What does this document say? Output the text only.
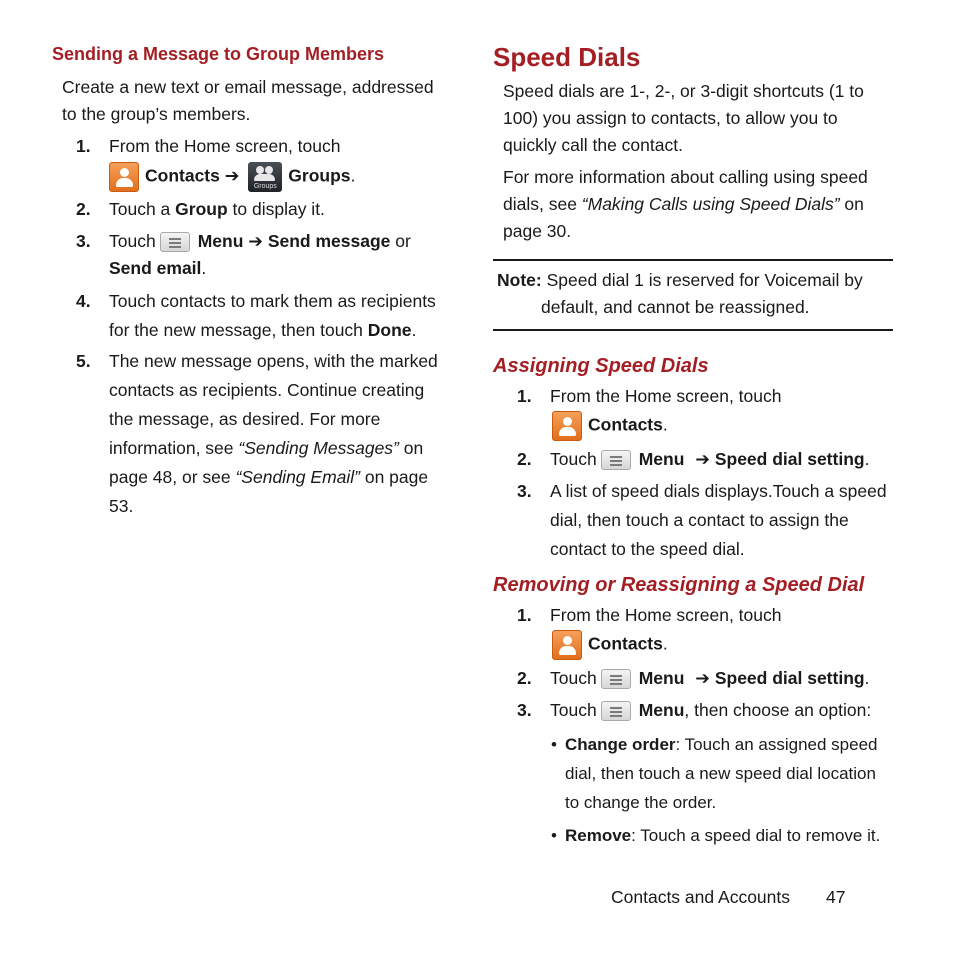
Sending a Message to Group Members

Create a new text or email message, addressed to the group’s members.

1. From the Home screen, touch
Contacts ➔
Groups
Groups.
2. Touch a Group to display it.
3. Touch Menu ➔ Send message or Send email.
4. Touch contacts to mark them as recipients for the new message, then touch Done.
5. The new message opens, with the marked contacts as recipients. Continue creating the message, as desired. For more information, see “Sending Messages” on page 48, or see “Sending Email” on page 53.
Speed Dials

Speed dials are 1-, 2-, or 3-digit shortcuts (1 to 100) you assign to contacts, to allow you to quickly call the contact.

For more information about calling using speed dials, see “Making Calls using Speed Dials” on page 30.

Note: Speed dial 1 is reserved for Voicemail by
default, and cannot be reassigned.
Assigning Speed Dials
1. From the Home screen, touch
Contacts.
2. Touch Menu ➔ Speed dial setting.
3. A list of speed dials displays.Touch a speed dial, then touch a contact to assign the contact to the speed dial.
Removing or Reassigning a Speed Dial
1. From the Home screen, touch
Contacts.
2. Touch Menu ➔ Speed dial setting.
3. Touch Menu, then choose an option:
• Change order: Touch an assigned speed dial, then touch a new speed dial location to change the order.
• Remove: Touch a speed dial to remove it.
Contacts and Accounts 47
